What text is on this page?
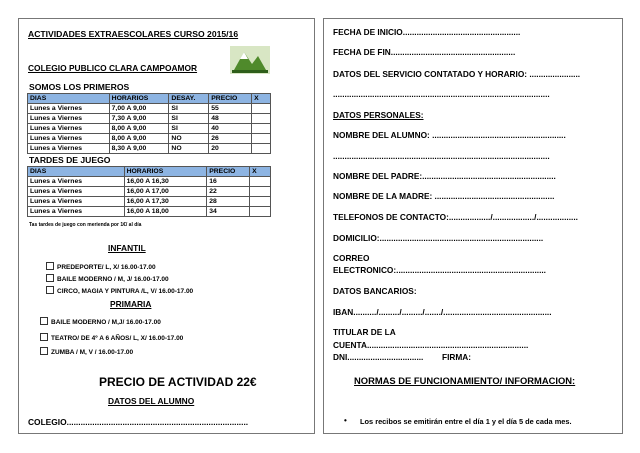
ACTIVIDADES EXTRAESCOLARES CURSO 2015/16
COLEGIO PUBLICO CLARA CAMPOAMOR
SOMOS LOS PRIMEROS
DIAS	HORARIOS	DESAY.	PRECIO	X
Lunes a Viernes	7,00 A 9,00	SI	55	
Lunes a Viernes	7,30 A 9,00	SI	48	
Lunes a Viernes	8,00 A 9,00	SI	40	
Lunes a Viernes	8,00 A 9,00	NO	26	
Lunes a Viernes	8,30 A 9,00	NO	20	
TARDES DE JUEGO
DIAS	HORARIOS	PRECIO	X
Lunes a Viernes	16,00 A 16,30	16	
Lunes a Viernes	16,00 A 17,00	22	
Lunes a Viernes	16,00 A 17,30	28	
Lunes a Viernes	16,00 A 18,00	34	
Tas tardes de juego con merienda por 1€/ al día
INFANTIL
PREDEPORTE/ L, X/ 16.00-17.00
BAILE MODERNO / M, J/ 16.00-17.00
CIRCO, MAGIA Y PINTURA /L, V/ 16.00-17.00
PRIMARIA
BAILE MODERNO / M,J/ 16.00-17.00
TEATRO/ DE 4º A 6 AÑOS/ L, X/ 16.00-17.00
ZUMBA / M, V / 16.00-17.00
PRECIO DE ACTIVIDAD 22€
DATOS DEL ALUMNO
COLEGIO..............................................................................
FECHA DE INICIO...................................................
FECHA DE FIN......................................................
DATOS DEL SERVICIO CONTATADO Y HORARIO: ......................
..............................................................................................
DATOS PERSONALES:
NOMBRE DEL ALUMNO: ..........................................................
..............................................................................................
NOMBRE DEL PADRE:..........................................................
NOMBRE DE LA MADRE: ....................................................
TELEFONOS DE CONTACTO:................../................../..................
DOMICILIO:.......................................................................
CORREO
ELECTRONICO:.................................................................
DATOS BANCARIOS:
IBAN........../........./........./......./...............................................
TITULAR DE LA
CUENTA......................................................................
DNI................................. FIRMA:
NORMAS DE FUNCIONAMIENTO/ INFORMACION:
• Los recibos se emitirán entre el día 1 y el día 5 de cada mes.
